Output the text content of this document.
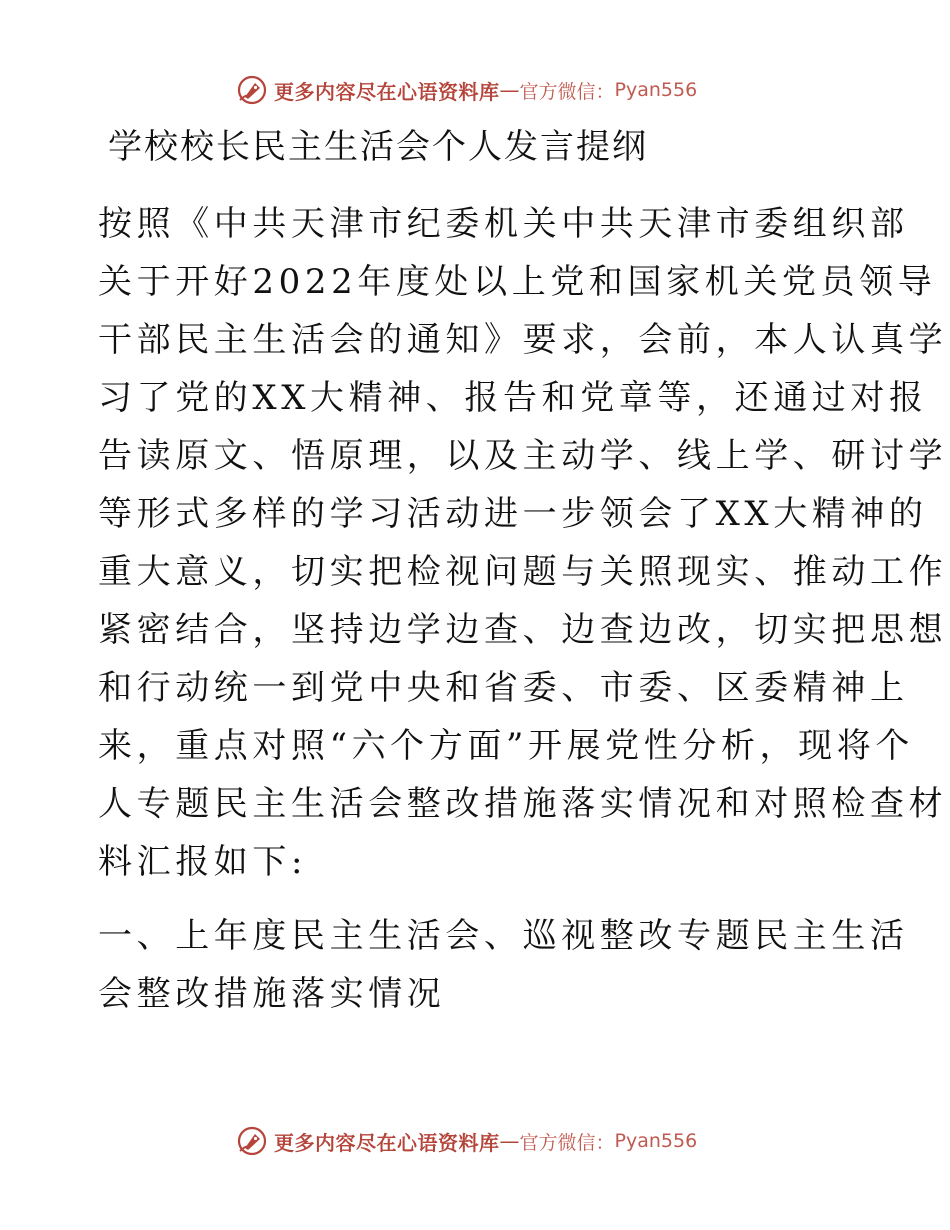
更多内容尽在心语资料库 — 官方微信： Pyan556
学校校长民主生活会个人发言提纲
按照《中共天津市纪委机关中共天津市委组织部
关于开好2022年度处以上党和国家机关党员领导
干部民主生活会的通知》要求，会前，本人认真学
习了党的XX大精神、报告和党章等，还通过对报
告读原文、悟原理，以及主动学、线上学、研讨学
等形式多样的学习活动进一步领会了XX大精神的
重大意义，切实把检视问题与关照现实、推动工作
紧密结合，坚持边学边查、边查边改，切实把思想
和行动统一到党中央和省委、市委、区委精神上
来，重点对照“六个方面”开展党性分析，现将个
人专题民主生活会整改措施落实情况和对照检查材
料汇报如下:
一、上年度民主生活会、巡视整改专题民主生活
会整改措施落实情况
更多内容尽在心语资料库 — 官方微信： Pyan556
